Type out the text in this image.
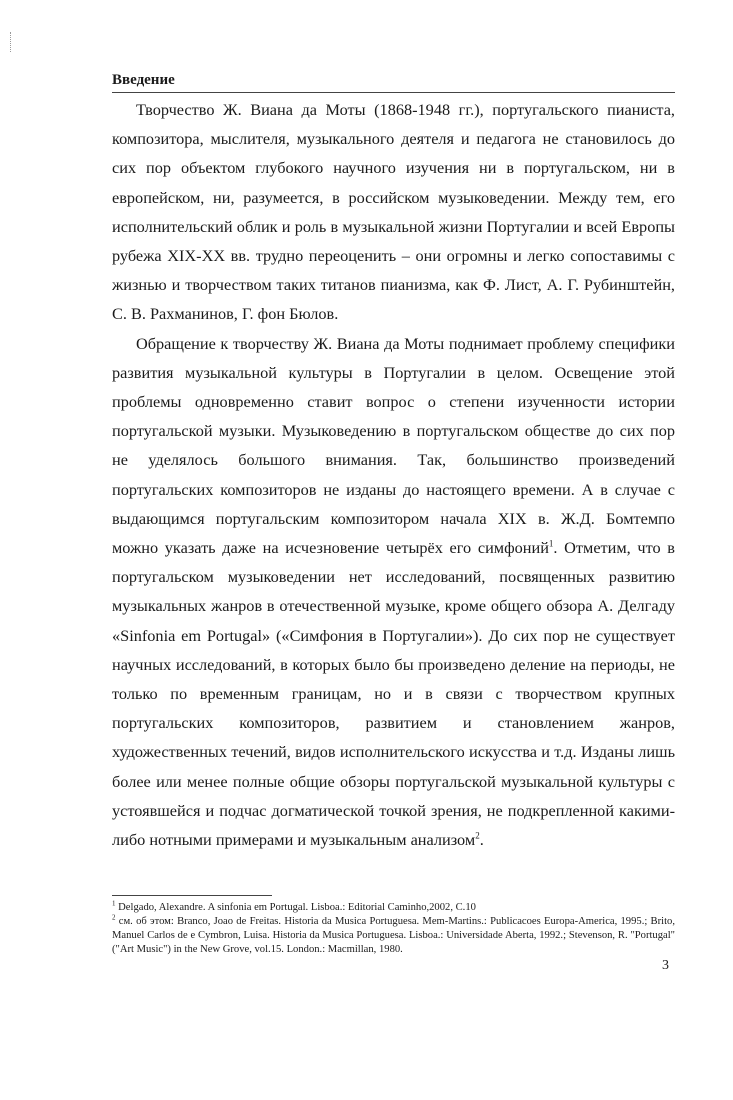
Введение

Творчество Ж. Виана да Моты (1868-1948 гг.), португальского пианиста, композитора, мыслителя, музыкального деятеля и педагога не становилось до сих пор объектом глубокого научного изучения ни в португальском, ни в европейском, ни, разумеется, в российском музыковедении. Между тем, его исполнительский облик и роль в музыкальной жизни Португалии и всей Европы рубежа XIX-XX вв. трудно переоценить – они огромны и легко сопоставимы с жизнью и творчеством таких титанов пианизма, как Ф. Лист, А. Г. Рубинштейн, С. В. Рахманинов, Г. фон Бюлов.

Обращение к творчеству Ж. Виана да Моты поднимает проблему специфики развития музыкальной культуры в Португалии в целом. Освещение этой проблемы одновременно ставит вопрос о степени изученности истории португальской музыки. Музыковедению в португальском обществе до сих пор не уделялось большого внимания. Так, большинство произведений португальских композиторов не изданы до настоящего времени. А в случае с выдающимся португальским композитором начала XIX в. Ж.Д. Бомтемпо можно указать даже на исчезновение четырёх его симфоний$^1$. Отметим, что в португальском музыковедении нет исследований, посвященных развитию музыкальных жанров в отечественной музыке, кроме общего обзора А. Делгаду «Sinfonia em Portugal» («Симфония в Португалии»). До сих пор не существует научных исследований, в которых было бы произведено деление на периоды, не только по временным границам, но и в связи с творчеством крупных португальских композиторов, развитием и становлением жанров, художественных течений, видов исполнительского искусства и т.д. Изданы лишь более или менее полные общие обзоры португальской музыкальной культуры с устоявшейся и подчас догматической точкой зрения, не подкрепленной какими-либо нотными примерами и музыкальным анализом$^2$.

$^1$ Delgado, Alexandre. A sinfonia em Portugal. Lisboa.: Editorial Caminho,2002, C.10
$^2$ см. об этом: Branco, Joao de Freitas. Historia da Musica Portuguesa. Mem-Martins.: Publicacoes Europa-America, 1995.; Brito, Manuel Carlos de e Cymbron, Luisa. Historia da Musica Portuguesa. Lisboa.: Universidade Aberta, 1992.; Stevenson, R. "Portugal" ("Art Music") in the New Grove, vol.15. London.: Macmillan, 1980.
3
